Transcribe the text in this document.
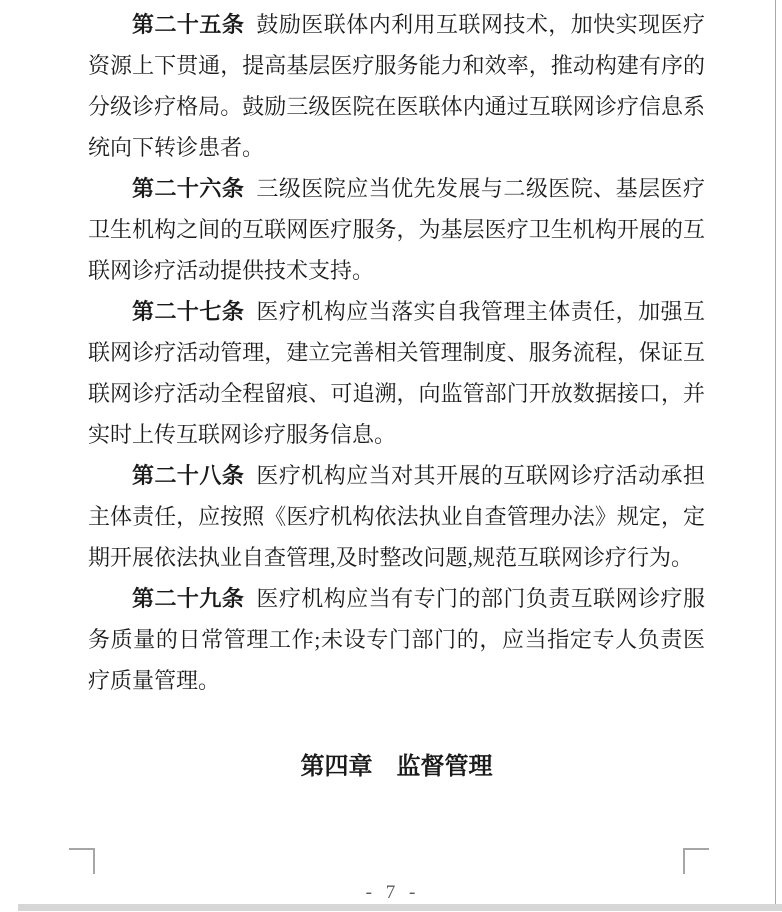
第二十五条 鼓励医联体内利用互联网技术，加快实现医疗资源上下贯通，提高基层医疗服务能力和效率，推动构建有序的分级诊疗格局。鼓励三级医院在医联体内通过互联网诊疗信息系统向下转诊患者。

第二十六条 三级医院应当优先发展与二级医院、基层医疗卫生机构之间的互联网医疗服务，为基层医疗卫生机构开展的互联网诊疗活动提供技术支持。

第二十七条 医疗机构应当落实自我管理主体责任，加强互联网诊疗活动管理，建立完善相关管理制度、服务流程，保证互联网诊疗活动全程留痕、可追溯，向监管部门开放数据接口，并实时上传互联网诊疗服务信息。

第二十八条 医疗机构应当对其开展的互联网诊疗活动承担主体责任，应按照《医疗机构依法执业自查管理办法》规定，定期开展依法执业自查管理,及时整改问题,规范互联网诊疗行为。

第二十九条 医疗机构应当有专门的部门负责互联网诊疗服务质量的日常管理工作;未设专门部门的，应当指定专人负责医疗质量管理。

第四章　监督管理
- 7 -
